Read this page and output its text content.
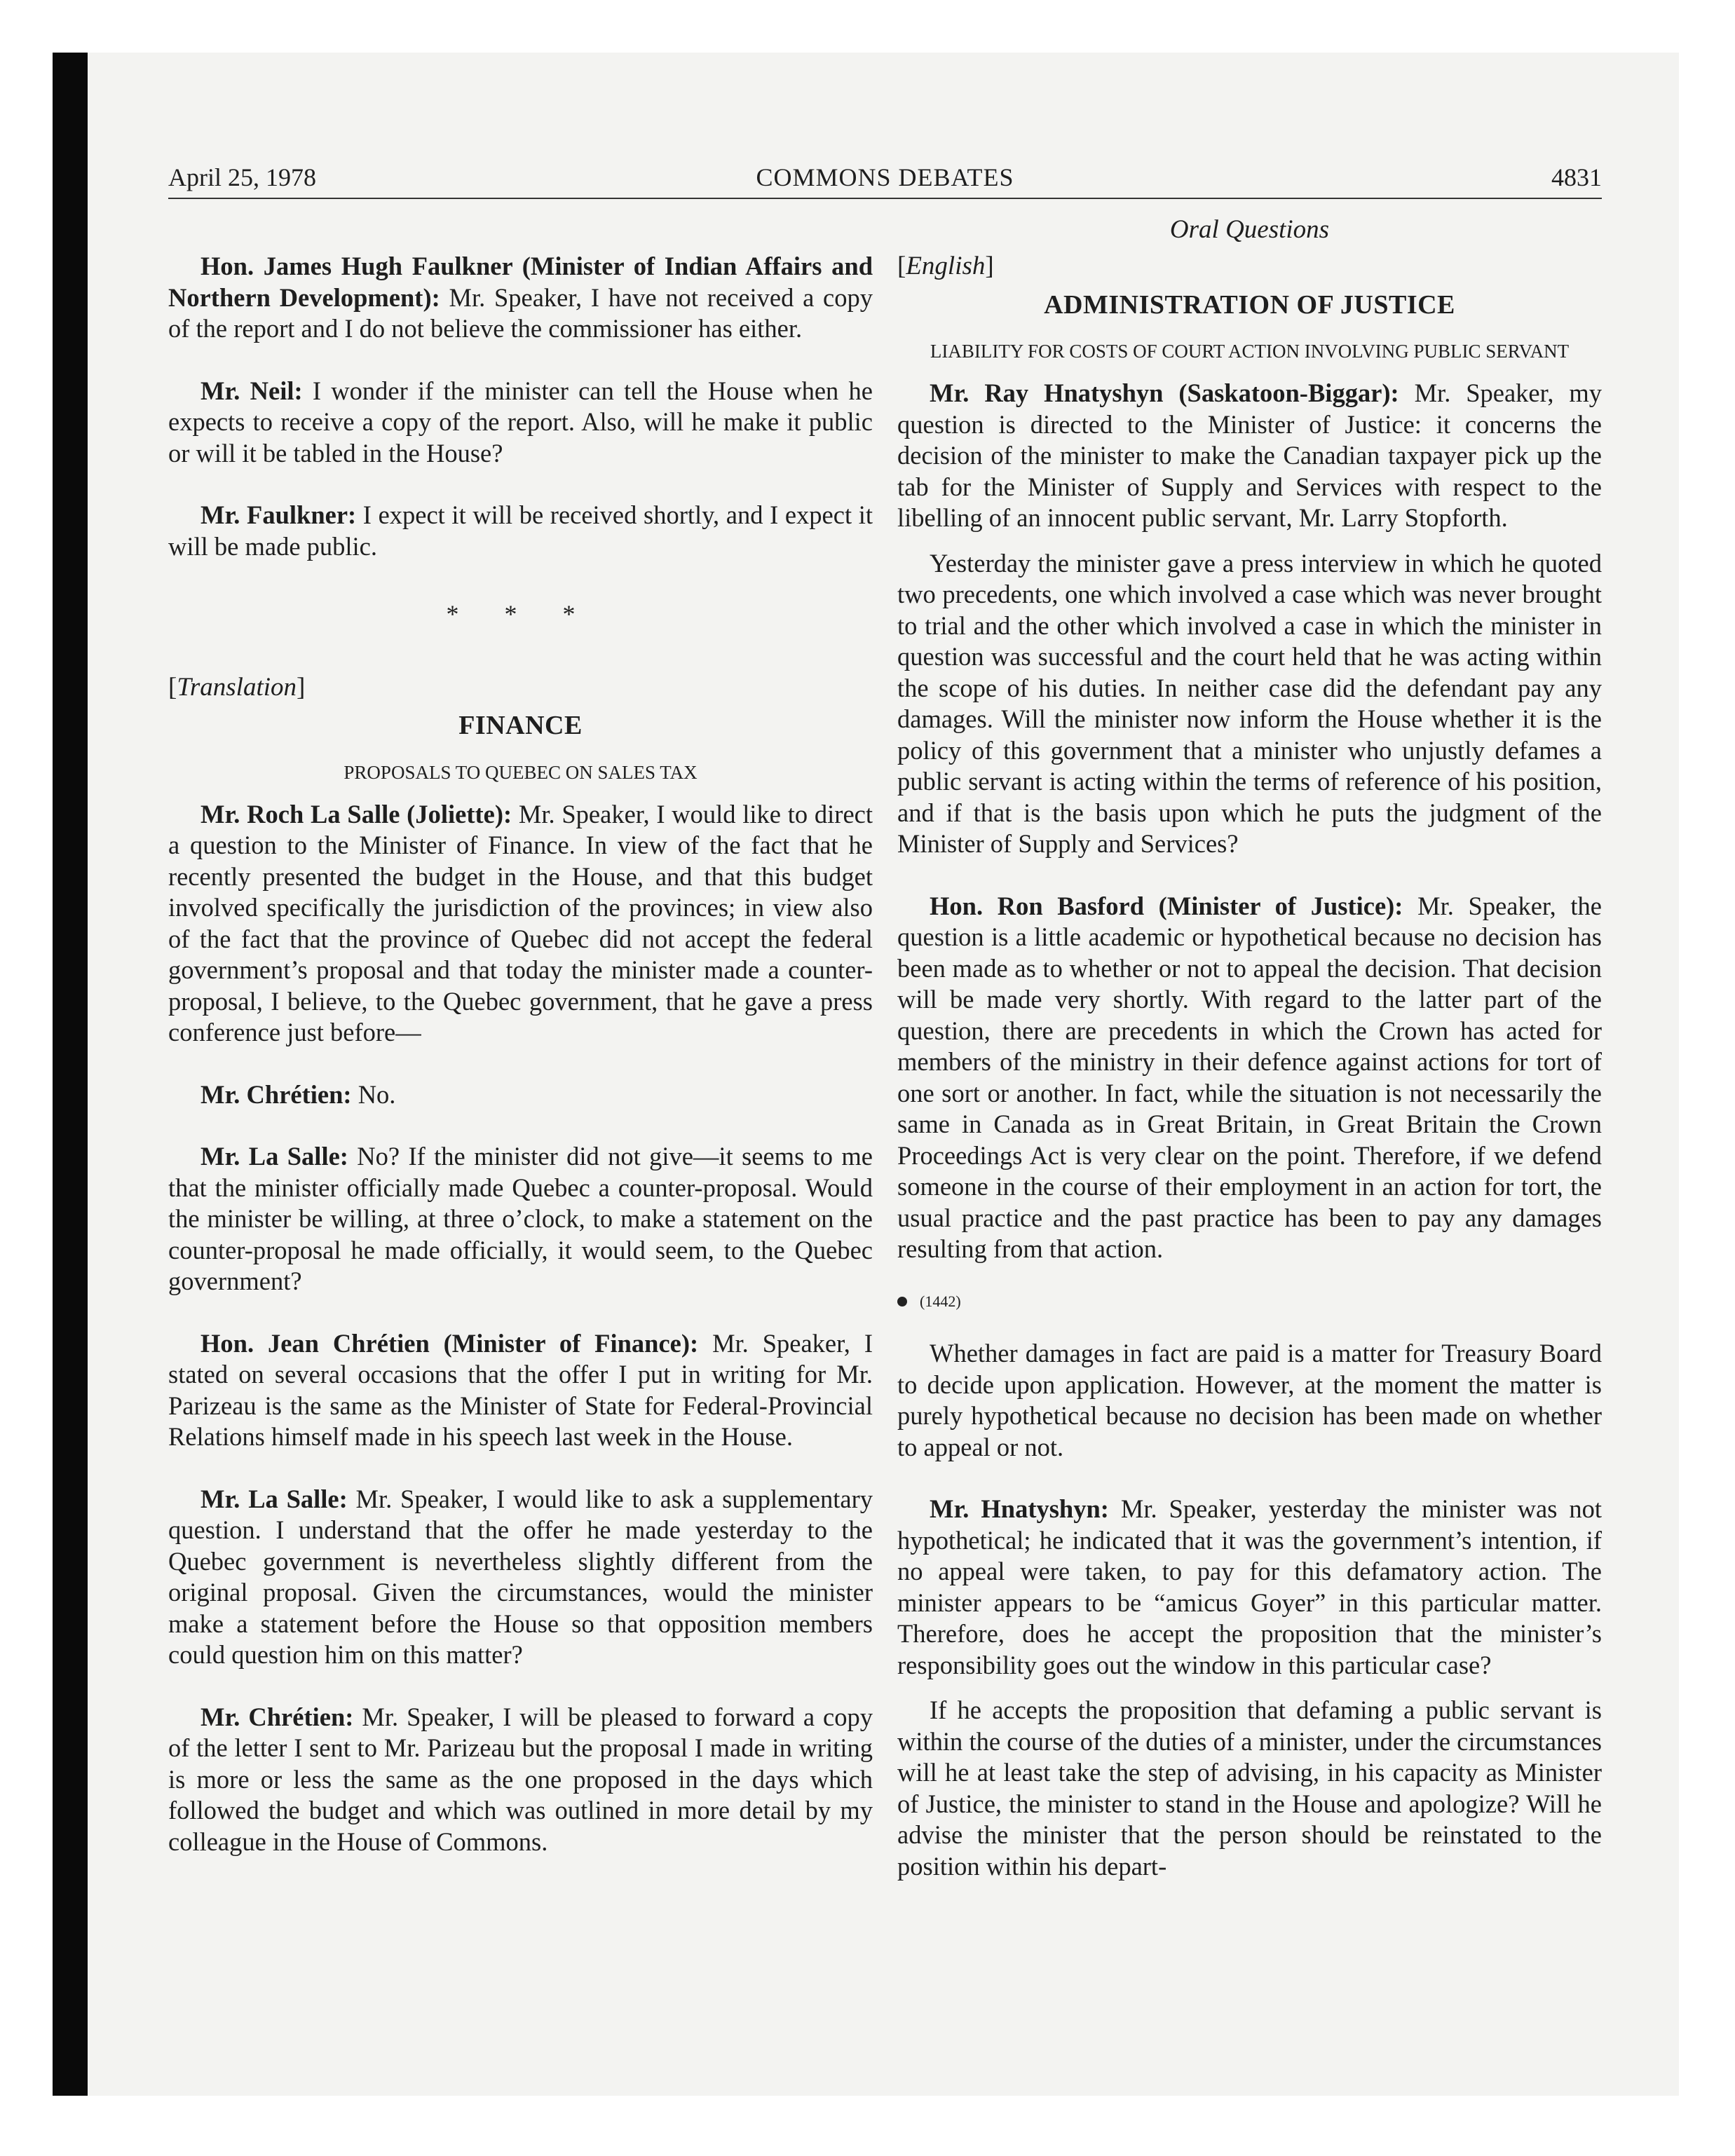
April 25, 1978	COMMONS DEBATES	4831
Oral Questions

Hon. James Hugh Faulkner (Minister of Indian Affairs and Northern Development): Mr. Speaker, I have not received a copy of the report and I do not believe the commissioner has either.

Mr. Neil: I wonder if the minister can tell the House when he expects to receive a copy of the report. Also, will he make it public or will it be tabled in the House?

Mr. Faulkner: I expect it will be received shortly, and I expect it will be made public.

* * *

[Translation]

FINANCE

PROPOSALS TO QUEBEC ON SALES TAX

Mr. Roch La Salle (Joliette): Mr. Speaker, I would like to direct a question to the Minister of Finance. In view of the fact that he recently presented the budget in the House, and that this budget involved specifically the jurisdiction of the provinces; in view also of the fact that the province of Quebec did not accept the federal government’s proposal and that today the minister made a counter-proposal, I believe, to the Quebec government, that he gave a press conference just before—

Mr. Chrétien: No.

Mr. La Salle: No? If the minister did not give—it seems to me that the minister officially made Quebec a counter-proposal. Would the minister be willing, at three o’clock, to make a statement on the counter-proposal he made officially, it would seem, to the Quebec government?

Hon. Jean Chrétien (Minister of Finance): Mr. Speaker, I stated on several occasions that the offer I put in writing for Mr. Parizeau is the same as the Minister of State for Federal-Provincial Relations himself made in his speech last week in the House.

Mr. La Salle: Mr. Speaker, I would like to ask a supplementary question. I understand that the offer he made yesterday to the Quebec government is nevertheless slightly different from the original proposal. Given the circumstances, would the minister make a statement before the House so that opposition members could question him on this matter?

Mr. Chrétien: Mr. Speaker, I will be pleased to forward a copy of the letter I sent to Mr. Parizeau but the proposal I made in writing is more or less the same as the one proposed in the days which followed the budget and which was outlined in more detail by my colleague in the House of Commons.

[English]

ADMINISTRATION OF JUSTICE

LIABILITY FOR COSTS OF COURT ACTION INVOLVING PUBLIC SERVANT

Mr. Ray Hnatyshyn (Saskatoon-Biggar): Mr. Speaker, my question is directed to the Minister of Justice: it concerns the decision of the minister to make the Canadian taxpayer pick up the tab for the Minister of Supply and Services with respect to the libelling of an innocent public servant, Mr. Larry Stopforth.

Yesterday the minister gave a press interview in which he quoted two precedents, one which involved a case which was never brought to trial and the other which involved a case in which the minister in question was successful and the court held that he was acting within the scope of his duties. In neither case did the defendant pay any damages. Will the minister now inform the House whether it is the policy of this government that a minister who unjustly defames a public servant is acting within the terms of reference of his position, and if that is the basis upon which he puts the judgment of the Minister of Supply and Services?

Hon. Ron Basford (Minister of Justice): Mr. Speaker, the question is a little academic or hypothetical because no decision has been made as to whether or not to appeal the decision. That decision will be made very shortly. With regard to the latter part of the question, there are precedents in which the Crown has acted for members of the ministry in their defence against actions for tort of one sort or another. In fact, while the situation is not necessarily the same in Canada as in Great Britain, in Great Britain the Crown Proceedings Act is very clear on the point. Therefore, if we defend someone in the course of their employment in an action for tort, the usual practice and the past practice has been to pay any damages resulting from that action.

(1442)

Whether damages in fact are paid is a matter for Treasury Board to decide upon application. However, at the moment the matter is purely hypothetical because no decision has been made on whether to appeal or not.

Mr. Hnatyshyn: Mr. Speaker, yesterday the minister was not hypothetical; he indicated that it was the government’s intention, if no appeal were taken, to pay for this defamatory action. The minister appears to be “amicus Goyer” in this particular matter. Therefore, does he accept the proposition that the minister’s responsibility goes out the window in this particular case?

If he accepts the proposition that defaming a public servant is within the course of the duties of a minister, under the circumstances will he at least take the step of advising, in his capacity as Minister of Justice, the minister to stand in the House and apologize? Will he advise the minister that the person should be reinstated to the position within his depart-
